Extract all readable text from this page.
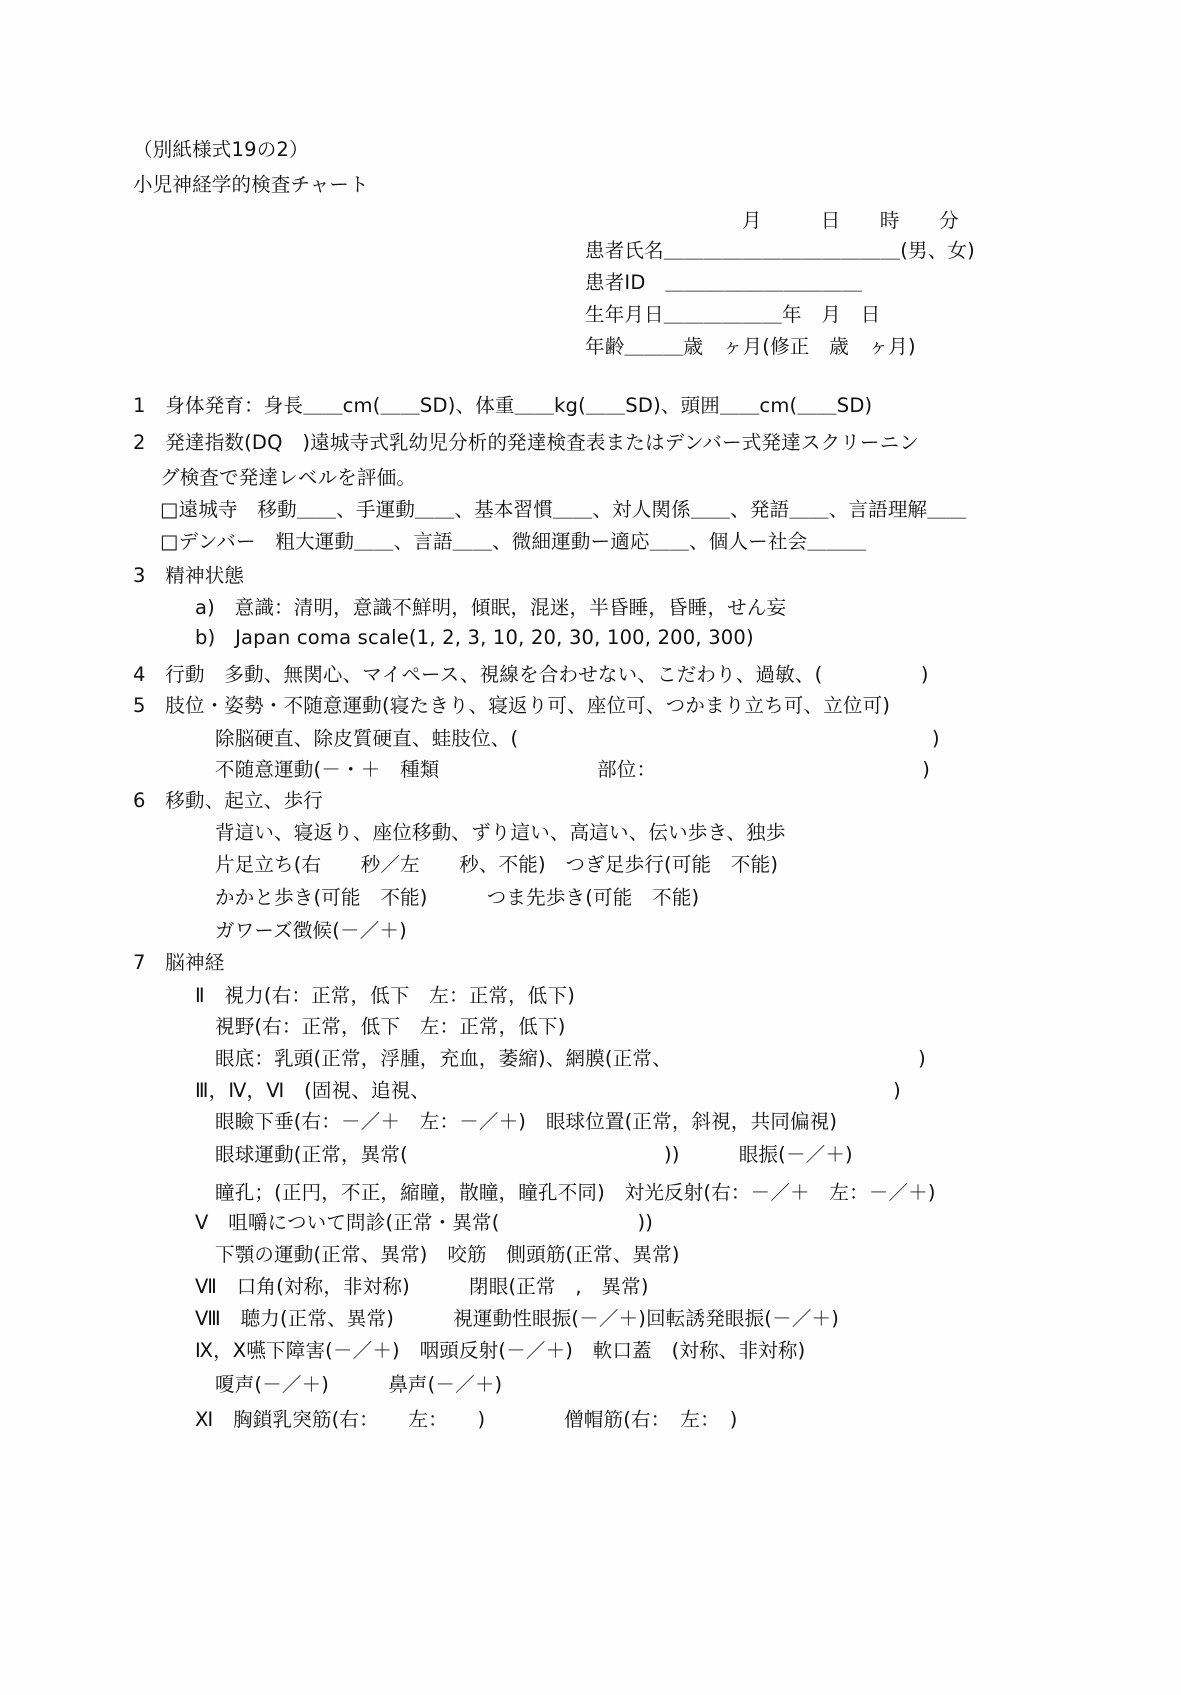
（別紙様式19の2）
小児神経学的検査チャート
月　　　日　　時　　分
患者氏名＿＿＿＿＿＿＿＿＿＿＿＿(男、女)
患者ID　＿＿＿＿＿＿＿＿＿＿
生年月日＿＿＿＿＿＿年　月　日
年齢＿＿＿歳　ヶ月(修正　歳　ヶ月)
1　身体発育：身長＿＿cm(＿＿SD)、体重＿＿kg(＿＿SD)、頭囲＿＿cm(＿＿SD)
2　発達指数(DQ　)遠城寺式乳幼児分析的発達検査表またはデンバー式発達スクリーニン
グ検査で発達レベルを評価。
□遠城寺　移動＿＿、手運動＿＿、基本習慣＿＿、対人関係＿＿、発語＿＿、言語理解＿＿
□デンバー　粗大運動＿＿、言語＿＿、微細運動ー適応＿＿、個人ー社会＿＿＿
3　精神状態
a)　意識：清明，意識不鮮明，傾眠，混迷，半昏睡，昏睡，せん妄
b)　Japan coma scale(1, 2, 3, 10, 20, 30, 100, 200, 300)
4　行動　多動、無関心、マイペース、視線を合わせない、こだわり、過敏、(　　　　　)
5　肢位・姿勢・不随意運動(寝たきり、寝返り可、座位可、つかまり立ち可、立位可)
除脳硬直、除皮質硬直、蛙肢位、(　　　　　　　　　　　　　　　　　　　　　)
不随意運動(－・＋　種類　　　　　　　　部位：　　　　　　　　　　　　　　)
6　移動、起立、歩行
背這い、寝返り、座位移動、ずり這い、高這い、伝い歩き、独歩
片足立ち(右　　秒／左　　秒、不能)　つぎ足歩行(可能　不能)
かかと歩き(可能　不能)　　　つま先歩き(可能　不能)
ガワーズ徴候(－／＋)
7　脳神経
Ⅱ　視力(右：正常，低下　左：正常，低下)
視野(右：正常，低下　左：正常，低下)
眼底：乳頭(正常，浮腫，充血，萎縮)、網膜(正常、　　　　　　　　　　　　　)
Ⅲ，Ⅳ，Ⅵ　(固視、追視、　　　　　　　　　　　　　　　　　　　　　　　　)
眼瞼下垂(右：－／＋　左：－／＋)　眼球位置(正常，斜視，共同偏視)
眼球運動(正常，異常(　　　　　　　　　　　　　))　　　眼振(－／＋)
瞳孔；(正円，不正，縮瞳，散瞳，瞳孔不同)　対光反射(右：－／＋　左：－／＋)
Ⅴ　咀嚼について問診(正常・異常(　　　　　　　))
下顎の運動(正常、異常)　咬筋　側頭筋(正常、異常)
Ⅶ　口角(対称，非対称)　　　閉眼(正常　,　異常)
Ⅷ　聴力(正常、異常)　　　視運動性眼振(－／＋)回転誘発眼振(－／＋)
Ⅸ，Ⅹ嚥下障害(－／＋)　咽頭反射(－／＋)　軟口蓋　(対称、非対称)
嗄声(－／＋)　　　鼻声(－／＋)
Ⅺ　胸鎖乳突筋(右：　　左：　　)　　　　僧帽筋(右：　左：　)
